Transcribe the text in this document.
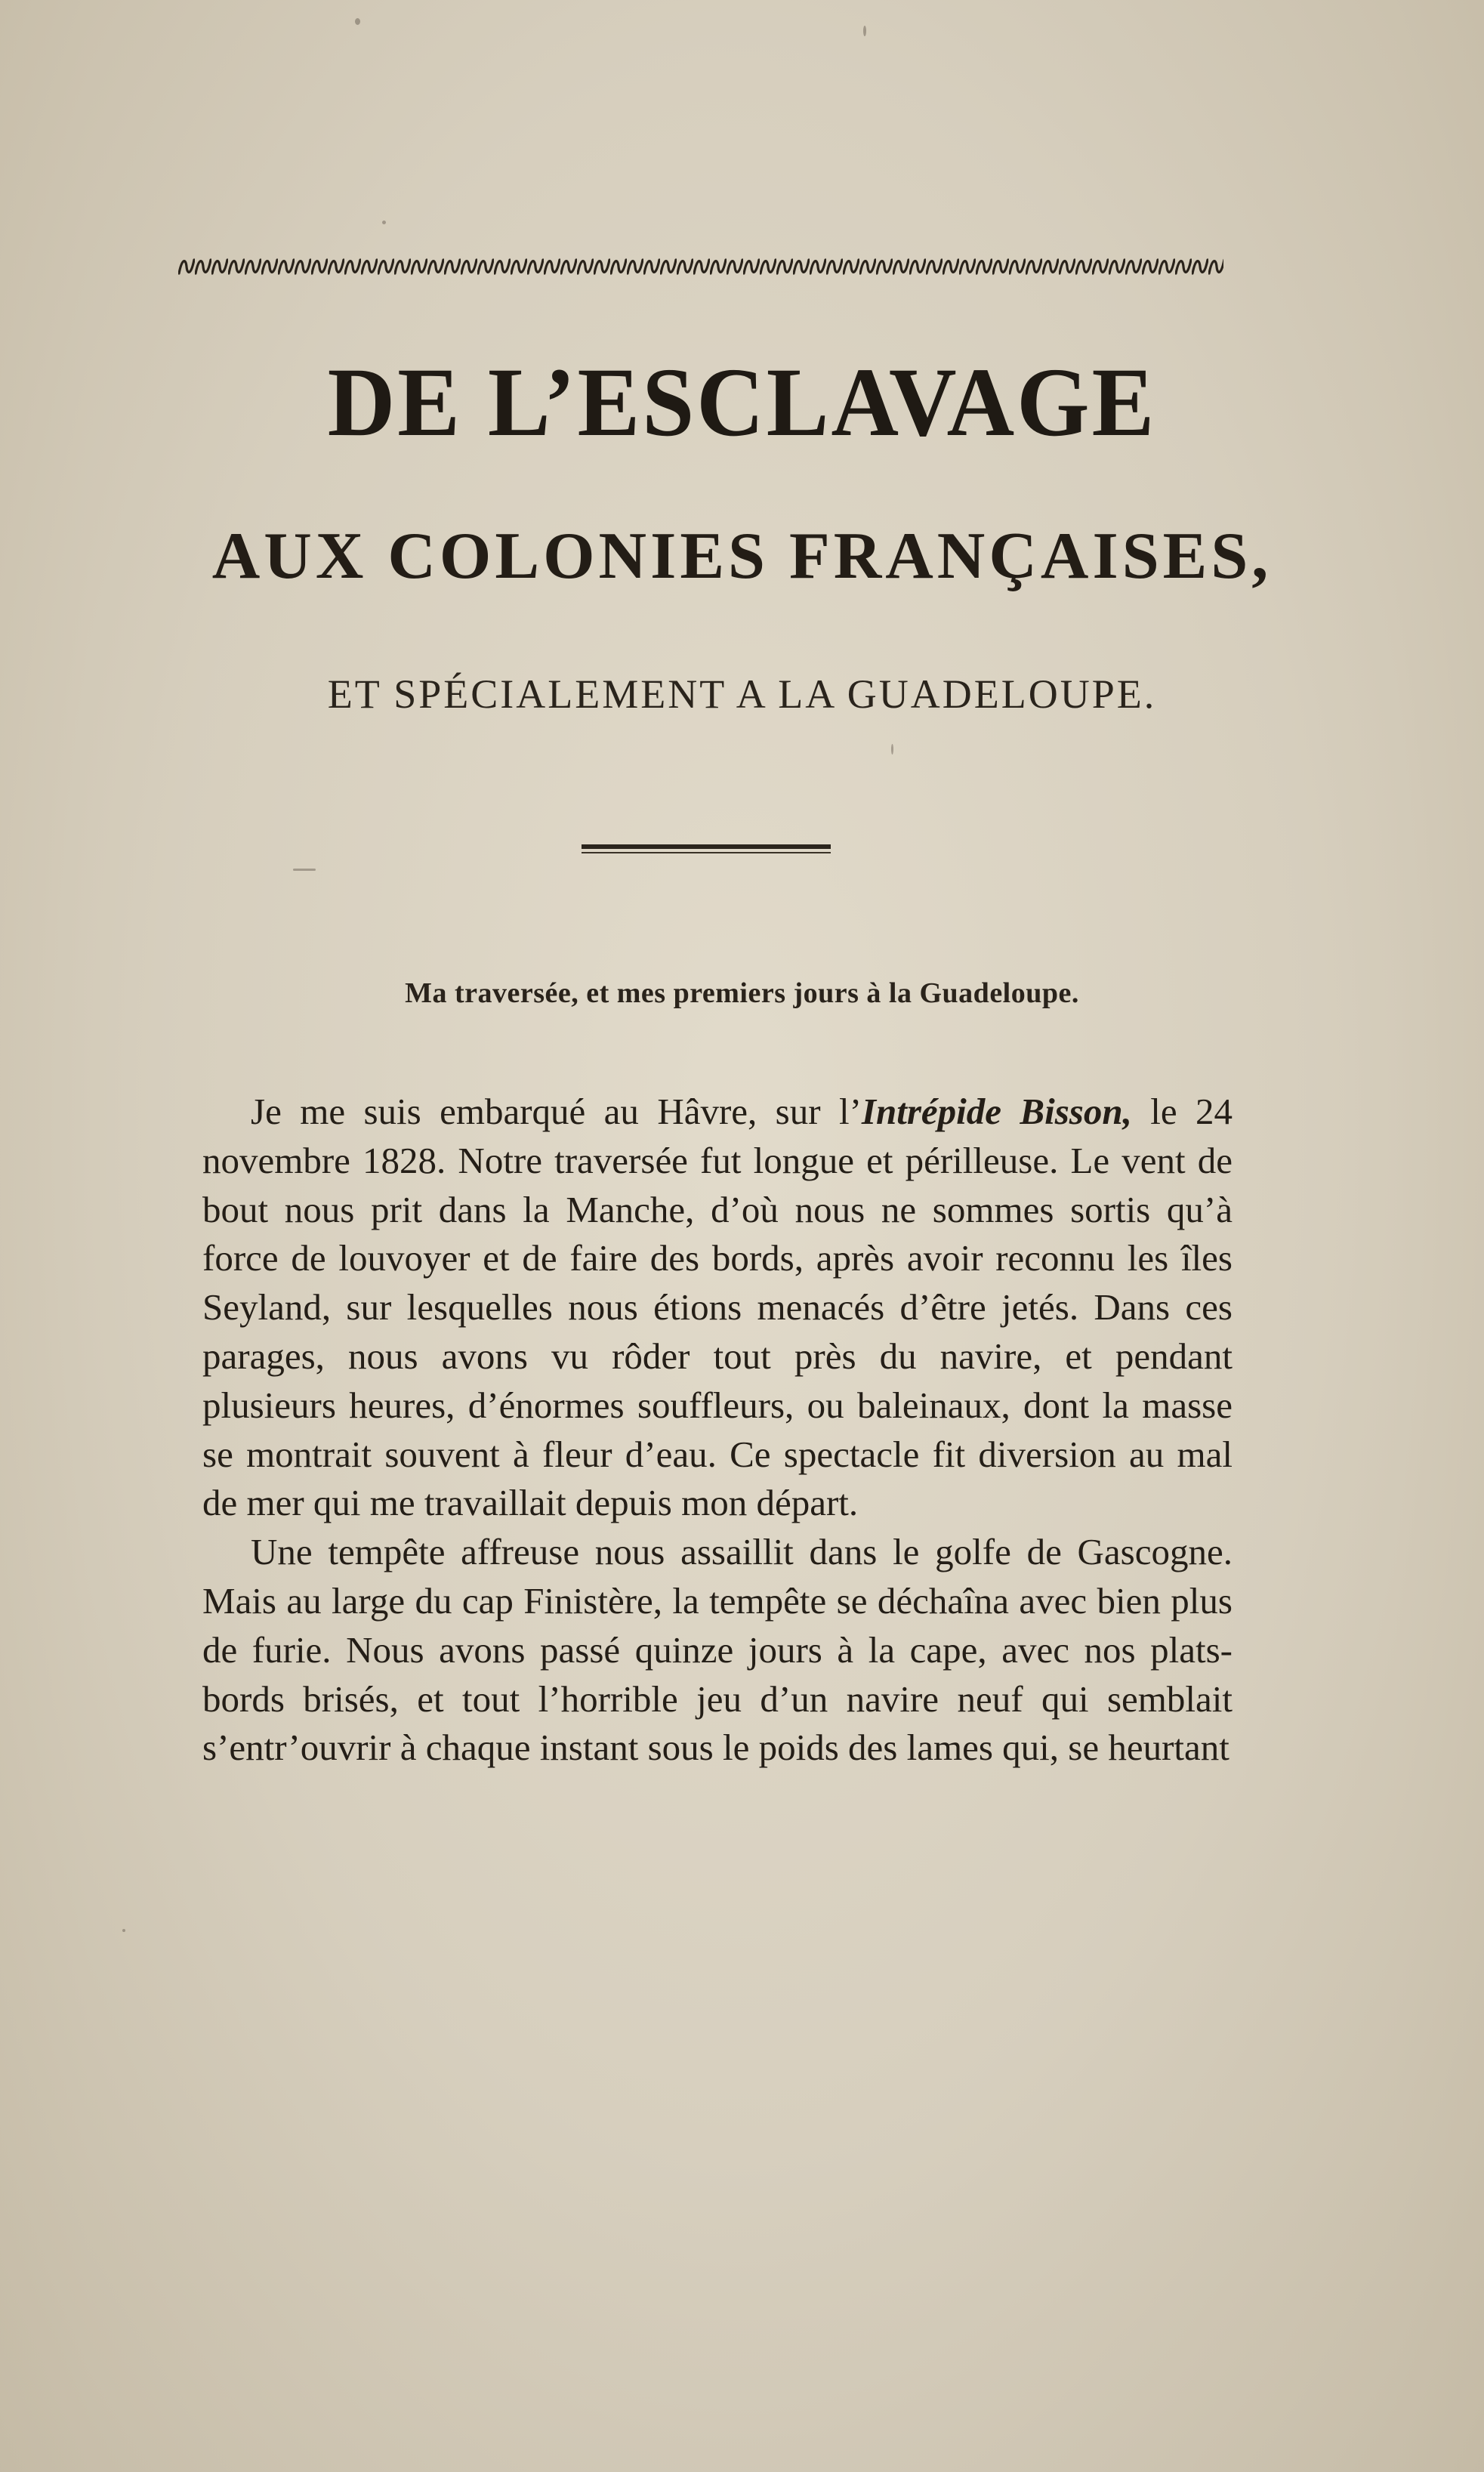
DE L’ESCLAVAGE
AUX COLONIES FRANÇAISES,
ET SPÉCIALEMENT A LA GUADELOUPE.
Ma traversée, et mes premiers jours à la Guadeloupe.

Je me suis embarqué au Hâvre, sur l’Intrépide Bisson, le 24 novembre 1828. Notre traversée fut longue et périlleuse. Le vent de bout nous prit dans la Manche, d’où nous ne sommes sortis qu’à force de louvoyer et de faire des bords, après avoir reconnu les îles Seyland, sur lesquelles nous étions menacés d’être jetés. Dans ces parages, nous avons vu rôder tout près du navire, et pendant plusieurs heures, d’énormes souffleurs, ou baleinaux, dont la masse se montrait souvent à fleur d’eau. Ce spectacle fit diversion au mal de mer qui me travaillait depuis mon départ.

Une tempête affreuse nous assaillit dans le golfe de Gascogne. Mais au large du cap Finistère, la tempête se déchaîna avec bien plus de furie. Nous avons passé quinze jours à la cape, avec nos plats-bords brisés, et tout l’horrible jeu d’un navire neuf qui semblait s’entr’ouvrir à chaque instant sous le poids des lames qui, se heurtant
